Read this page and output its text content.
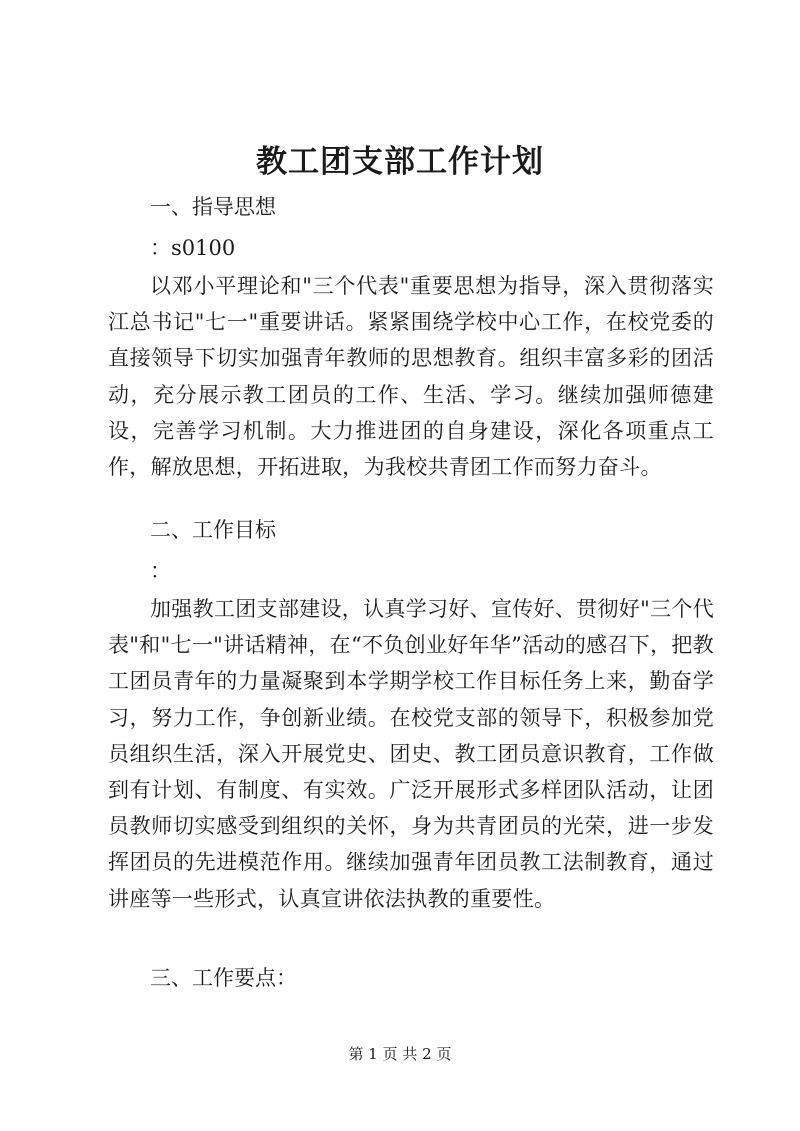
教工团支部工作计划
一、指导思想
：s0100
以邓小平理论和"三个代表"重要思想为指导，深入贯彻落实江总书记"七一"重要讲话。紧紧围绕学校中心工作，在校党委的直接领导下切实加强青年教师的思想教育。组织丰富多彩的团活动，充分展示教工团员的工作、生活、学习。继续加强师德建设，完善学习机制。大力推进团的自身建设，深化各项重点工作，解放思想，开拓进取，为我校共青团工作而努力奋斗。
二、工作目标
：
加强教工团支部建设，认真学习好、宣传好、贯彻好"三个代表"和"七一"讲话精神，在“不负创业好年华”活动的感召下，把教工团员青年的力量凝聚到本学期学校工作目标任务上来，勤奋学习，努力工作，争创新业绩。在校党支部的领导下，积极参加党员组织生活，深入开展党史、团史、教工团员意识教育，工作做到有计划、有制度、有实效。广泛开展形式多样团队活动，让团员教师切实感受到组织的关怀，身为共青团员的光荣，进一步发挥团员的先进模范作用。继续加强青年团员教工法制教育，通过讲座等一些形式，认真宣讲依法执教的重要性。
三、工作要点：
第 1 页 共 2 页
